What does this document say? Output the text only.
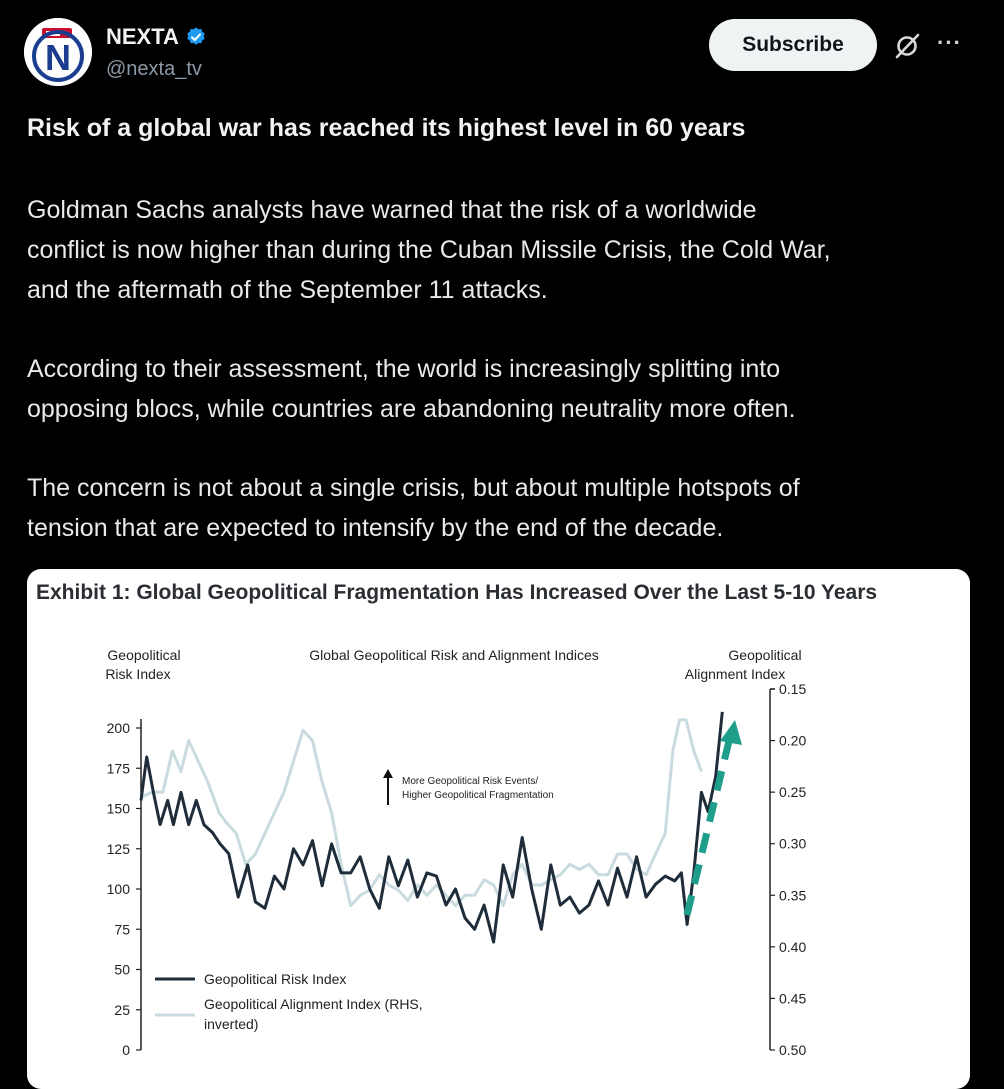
N
NEXTA
@nexta_tv
Subscribe	···
Risk of a global war has reached its highest level in 60 years

Goldman Sachs analysts have warned that the risk of a worldwide
conflict is now higher than during the Cuban Missile Crisis, the Cold War,
and the aftermath of the September 11 attacks.

According to their assessment, the world is increasingly splitting into
opposing blocs, while countries are abandoning neutrality more often.

The concern is not about a single crisis, but about multiple hotspots of
tension that are expected to intensify by the end of the decade.

Exhibit 1: Global Geopolitical Fragmentation Has Increased Over the Last 5-10 Years
Geopolitical
Risk Index
Global Geopolitical Risk and Alignment Indices	Geopolitical
Alignment Index
0
25
50
75
100
125
150
175
200
0.15
0.20
0.25
0.30
0.35
0.40
0.45
0.50
More Geopolitical Risk Events/
Higher Geopolitical Fragmentation
Geopolitical Risk Index
Geopolitical Alignment Index (RHS,
inverted)
